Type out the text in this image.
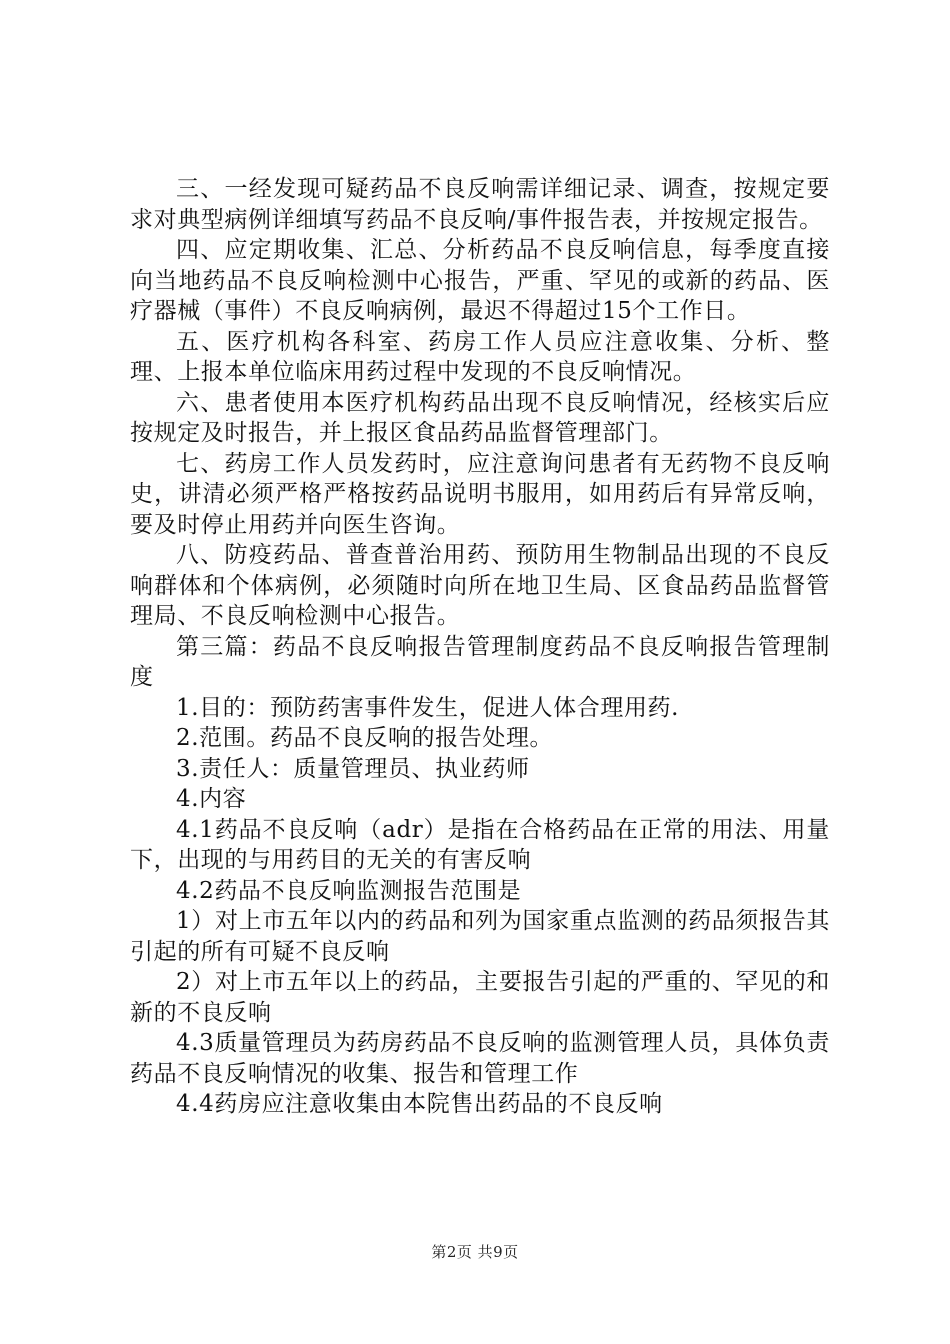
三、一经发现可疑药品不良反响需详细记录、调查，按规定要求对典型病例详细填写药品不良反响/事件报告表，并按规定报告。

四、应定期收集、汇总、分析药品不良反响信息，每季度直接向当地药品不良反响检测中心报告，严重、罕见的或新的药品、医疗器械（事件）不良反响病例，最迟不得超过15个工作日。

五、医疗机构各科室、药房工作人员应注意收集、分析、整理、上报本单位临床用药过程中发现的不良反响情况。

六、患者使用本医疗机构药品出现不良反响情况，经核实后应按规定及时报告，并上报区食品药品监督管理部门。

七、药房工作人员发药时，应注意询问患者有无药物不良反响史，讲清必须严格严格按药品说明书服用，如用药后有异常反响，要及时停止用药并向医生咨询。

八、防疫药品、普查普治用药、预防用生物制品出现的不良反响群体和个体病例，必须随时向所在地卫生局、区食品药品监督管理局、不良反响检测中心报告。

第三篇：药品不良反响报告管理制度药品不良反响报告管理制度

1.目的：预防药害事件发生，促进人体合理用药.

2.范围。药品不良反响的报告处理。

3.责任人：质量管理员、执业药师

4.内容

4.1药品不良反响（adr）是指在合格药品在正常的用法、用量下，出现的与用药目的无关的有害反响

4.2药品不良反响监测报告范围是

1）对上市五年以内的药品和列为国家重点监测的药品须报告其引起的所有可疑不良反响

2）对上市五年以上的药品，主要报告引起的严重的、罕见的和新的不良反响

4.3质量管理员为药房药品不良反响的监测管理人员，具体负责药品不良反响情况的收集、报告和管理工作

4.4药房应注意收集由本院售出药品的不良反响

第2页 共9页
